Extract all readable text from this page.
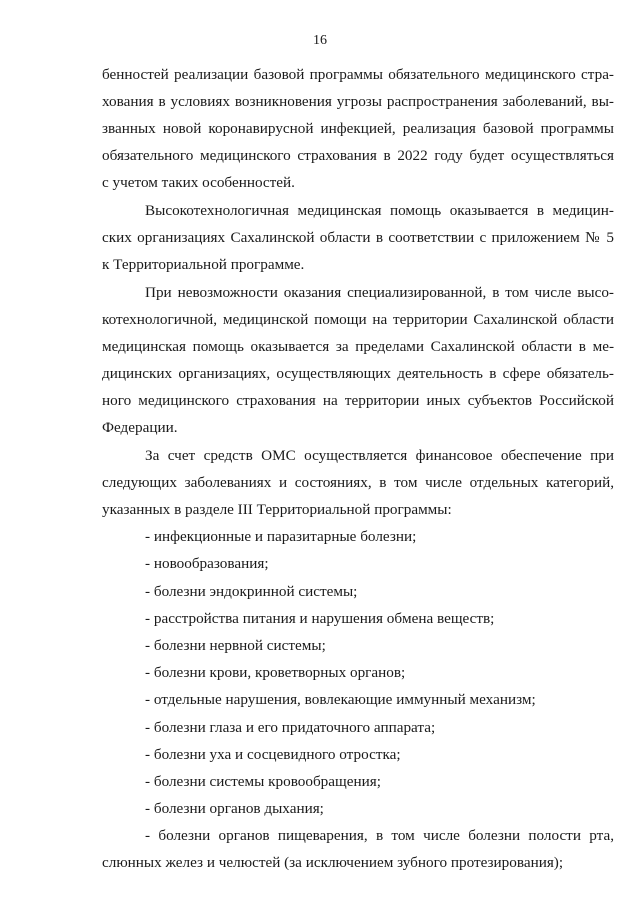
16
бенностей реализации базовой программы обязательного медицинского стра-
хования в условиях возникновения угрозы распространения заболеваний, вы-
званных новой коронавирусной инфекцией, реализация базовой программы
обязательного медицинского страхования в 2022 году будет осуществляться
с учетом таких особенностей.
Высокотехнологичная медицинская помощь оказывается в медицин-
ских организациях Сахалинской области в соответствии с приложением № 5
к Территориальной программе.
При невозможности оказания специализированной, в том числе высо-
котехнологичной, медицинской помощи на территории Сахалинской области
медицинская помощь оказывается за пределами Сахалинской области в ме-
дицинских организациях, осуществляющих деятельность в сфере обязатель-
ного медицинского страхования на территории иных субъектов Российской
Федерации.
За счет средств ОМС осуществляется финансовое обеспечение при
следующих заболеваниях и состояниях, в том числе отдельных категорий,
указанных в разделе III Территориальной программы:
- инфекционные и паразитарные болезни;
- новообразования;
- болезни эндокринной системы;
- расстройства питания и нарушения обмена веществ;
- болезни нервной системы;
- болезни крови, кроветворных органов;
- отдельные нарушения, вовлекающие иммунный механизм;
- болезни глаза и его придаточного аппарата;
- болезни уха и сосцевидного отростка;
- болезни системы кровообращения;
- болезни органов дыхания;
- болезни органов пищеварения, в том числе болезни полости рта,
слюнных желез и челюстей (за исключением зубного протезирования);
